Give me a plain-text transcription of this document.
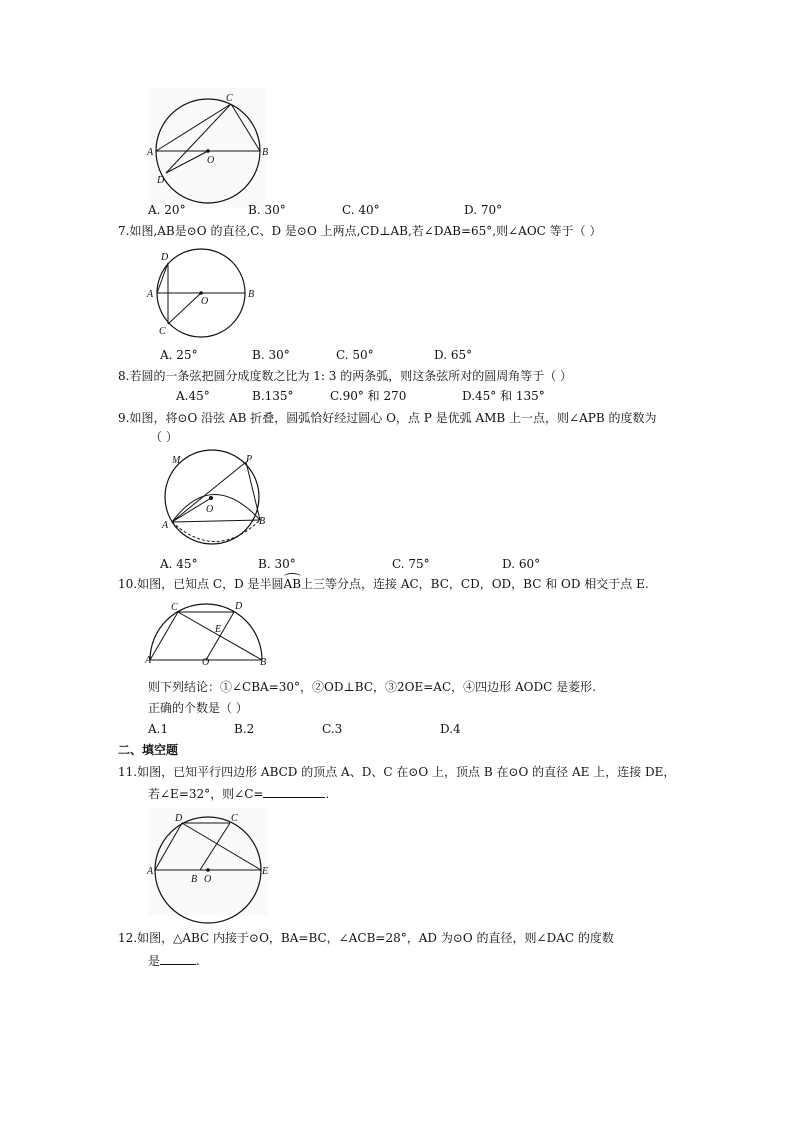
C
A	B
O
D
A. 20°	B. 30°	C. 40°	D. 70°
7.如图,AB是⊙O 的直径,C、D 是⊙O 上两点,CD⊥AB,若∠DAB=65°,则∠AOC 等于（ ）
D
A	B
O
C
A. 25°	B. 30°	C. 50°	D. 65°
8.若圆的一条弦把圆分成度数之比为 1: 3 的两条弧，则这条弦所对的圆周角等于（ ）
A.45°	B.135°	C.90° 和 270	D.45° 和 135°
9.如图，将⊙O 沿弦 AB 折叠，圆弧恰好经过圆心 O，点 P 是优弧 AMB 上一点，则∠APB 的度数为
（ ）
M	P
O
A	B
A. 45°	B. 30°	C. 75°	D. 60°
10.如图，已知点 C，D 是半圆AB上三等分点，连接 AC，BC，CD，OD，BC 和 OD 相交于点 E.
C	D
E
A	O	B
则下列结论：①∠CBA=30°，②OD⊥BC，③2OE=AC，④四边形 AODC 是菱形.
正确的个数是（ ）
A.1	B.2	C.3	D.4
二、填空题
11.如图，已知平行四边形 ABCD 的顶点 A、D、C 在⊙O 上，顶点 B 在⊙O 的直径 AE 上，连接 DE，
若∠E=32°，则∠C=	.
D	C
A
B O
E
12.如图，△ABC 内接于⊙O，BA=BC，∠ACB=28°，AD 为⊙O 的直径，则∠DAC 的度数
是	.
